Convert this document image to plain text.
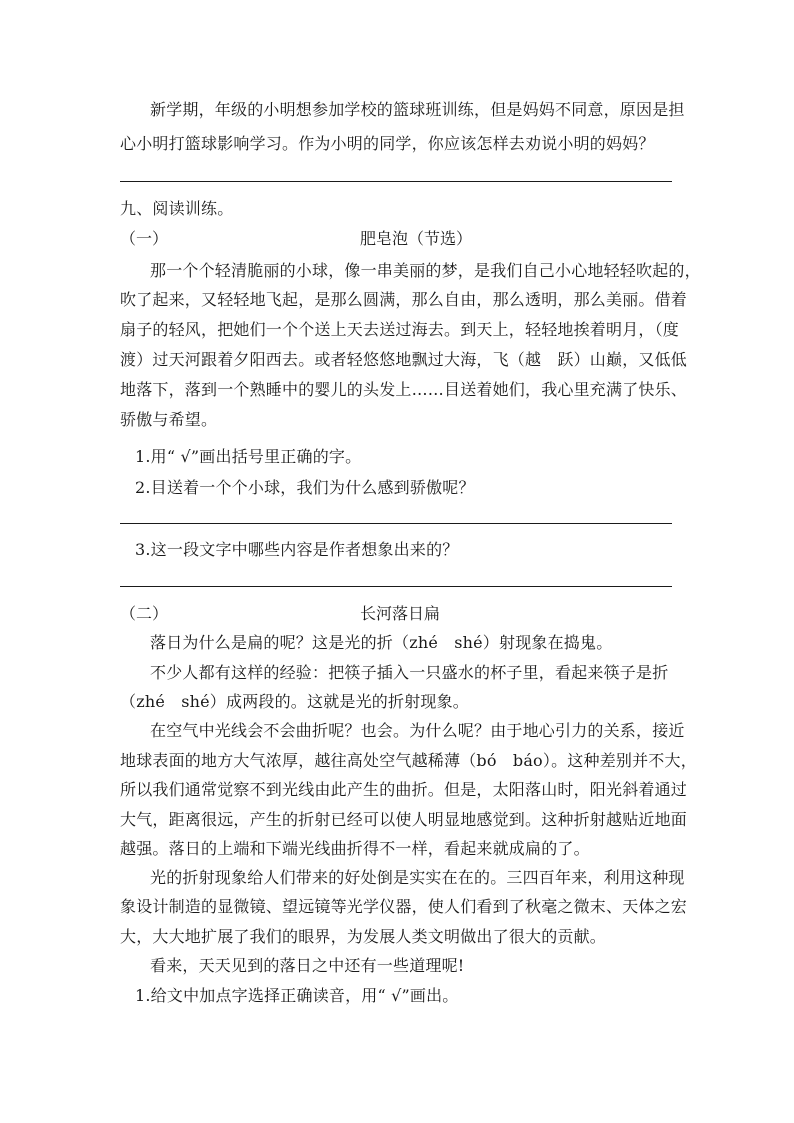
新学期，年级的小明想参加学校的篮球班训练，但是妈妈不同意，原因是担
心小明打篮球影响学习。作为小明的同学，你应该怎样去劝说小明的妈妈？
九、阅读训练。
（一）	肥皂泡（节选）
那一个个轻清脆丽的小球，像一串美丽的梦，是我们自己小心地轻轻吹起的，
吹了起来，又轻轻地飞起，是那么圆满，那么自由，那么透明，那么美丽。借着
扇子的轻风，把她们一个个送上天去送过海去。到天上，轻轻地挨着明月，（度
渡）过天河跟着夕阳西去。或者轻悠悠地飘过大海，飞（越　跃）山巅，又低低
地落下，落到一个熟睡中的婴儿的头发上……目送着她们，我心里充满了快乐、
骄傲与希望。
1.用“ √”画出括号里正确的字。
2.目送着一个个小球，我们为什么感到骄傲呢？
3.这一段文字中哪些内容是作者想象出来的？
（二）	长河落日扁
落日为什么是扁的呢？这是光的折（zhé　shé）射现象在捣鬼。
不少人都有这样的经验：把筷子插入一只盛水的杯子里，看起来筷子是折
（zhé　shé）成两段的。这就是光的折射现象。
在空气中光线会不会曲折呢？也会。为什么呢？由于地心引力的关系，接近
地球表面的地方大气浓厚，越往高处空气越稀薄（bó　báo）。这种差别并不大，
所以我们通常觉察不到光线由此产生的曲折。但是，太阳落山时，阳光斜着通过
大气，距离很远，产生的折射已经可以使人明显地感觉到。这种折射越贴近地面
越强。落日的上端和下端光线曲折得不一样，看起来就成扁的了。
光的折射现象给人们带来的好处倒是实实在在的。三四百年来，利用这种现
象设计制造的显微镜、望远镜等光学仪器，使人们看到了秋毫之微末、天体之宏
大，大大地扩展了我们的眼界，为发展人类文明做出了很大的贡献。
看来，天天见到的落日之中还有一些道理呢!
1.给文中加点字选择正确读音，用“ √”画出。
